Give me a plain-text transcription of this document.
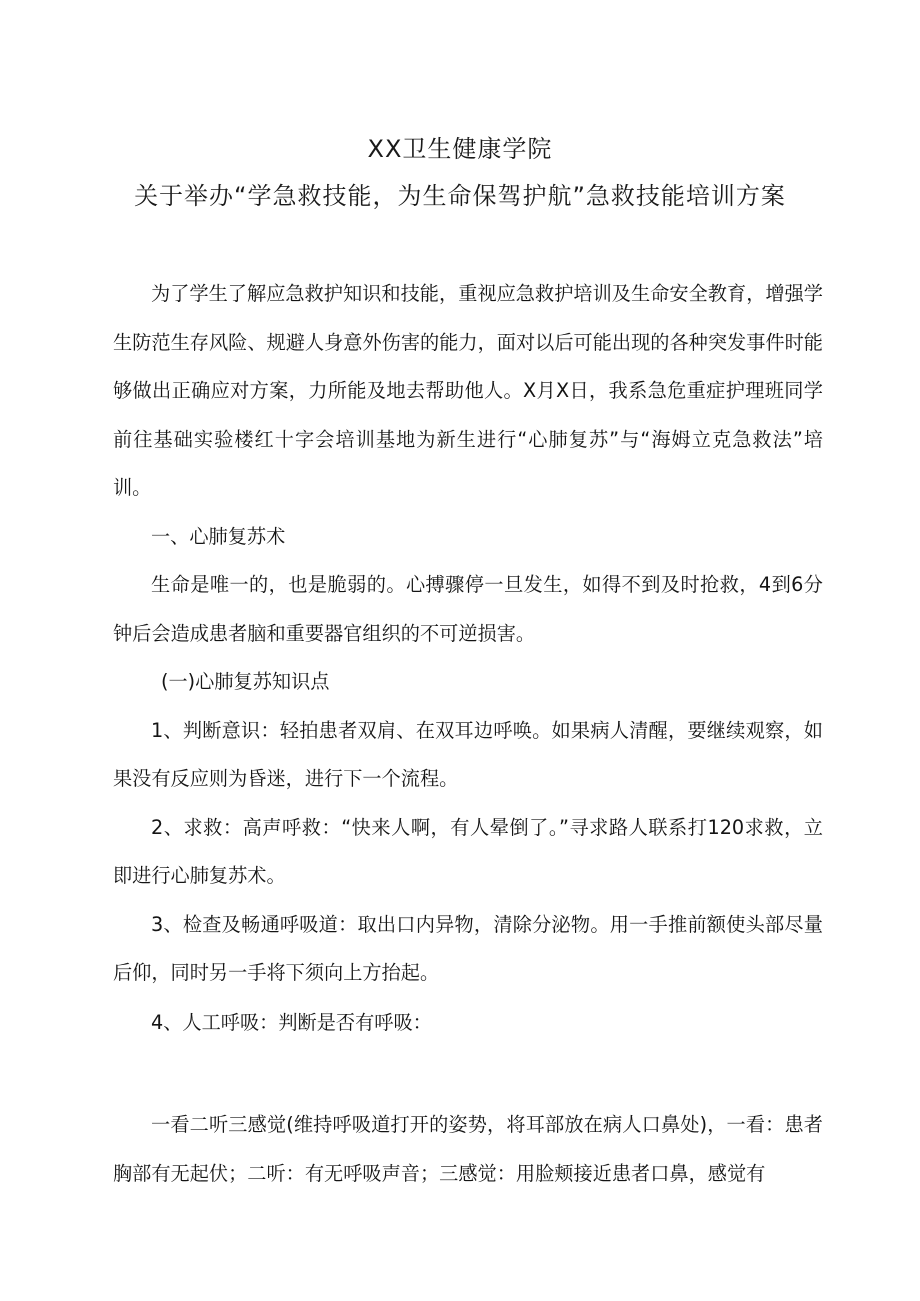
XX卫生健康学院
关于举办“学急救技能，为生命保驾护航”急救技能培训方案

为了学生了解应急救护知识和技能，重视应急救护培训及生命安全教育，增强学生防范生存风险、规避人身意外伤害的能力，面对以后可能出现的各种突发事件时能够做出正确应对方案，力所能及地去帮助他人。X月X日，我系急危重症护理班同学前往基础实验楼红十字会培训基地为新生进行“心肺复苏”与“海姆立克急救法”培训。

一、心肺复苏术

生命是唯一的，也是脆弱的。心搏骤停一旦发生，如得不到及时抢救，4到6分钟后会造成患者脑和重要器官组织的不可逆损害。

(一)心肺复苏知识点

1、判断意识：轻拍患者双肩、在双耳边呼唤。如果病人清醒，要继续观察，如果没有反应则为昏迷，进行下一个流程。

2、求救：高声呼救：“快来人啊，有人晕倒了。”寻求路人联系打120求救，立即进行心肺复苏术。

3、检查及畅通呼吸道：取出口内异物，清除分泌物。用一手推前额使头部尽量后仰，同时另一手将下须向上方抬起。

4、人工呼吸：判断是否有呼吸：

一看二听三感觉(维持呼吸道打开的姿势，将耳部放在病人口鼻处)，一看：患者胸部有无起伏；二听：有无呼吸声音；三感觉：用脸颊接近患者口鼻，感觉有
